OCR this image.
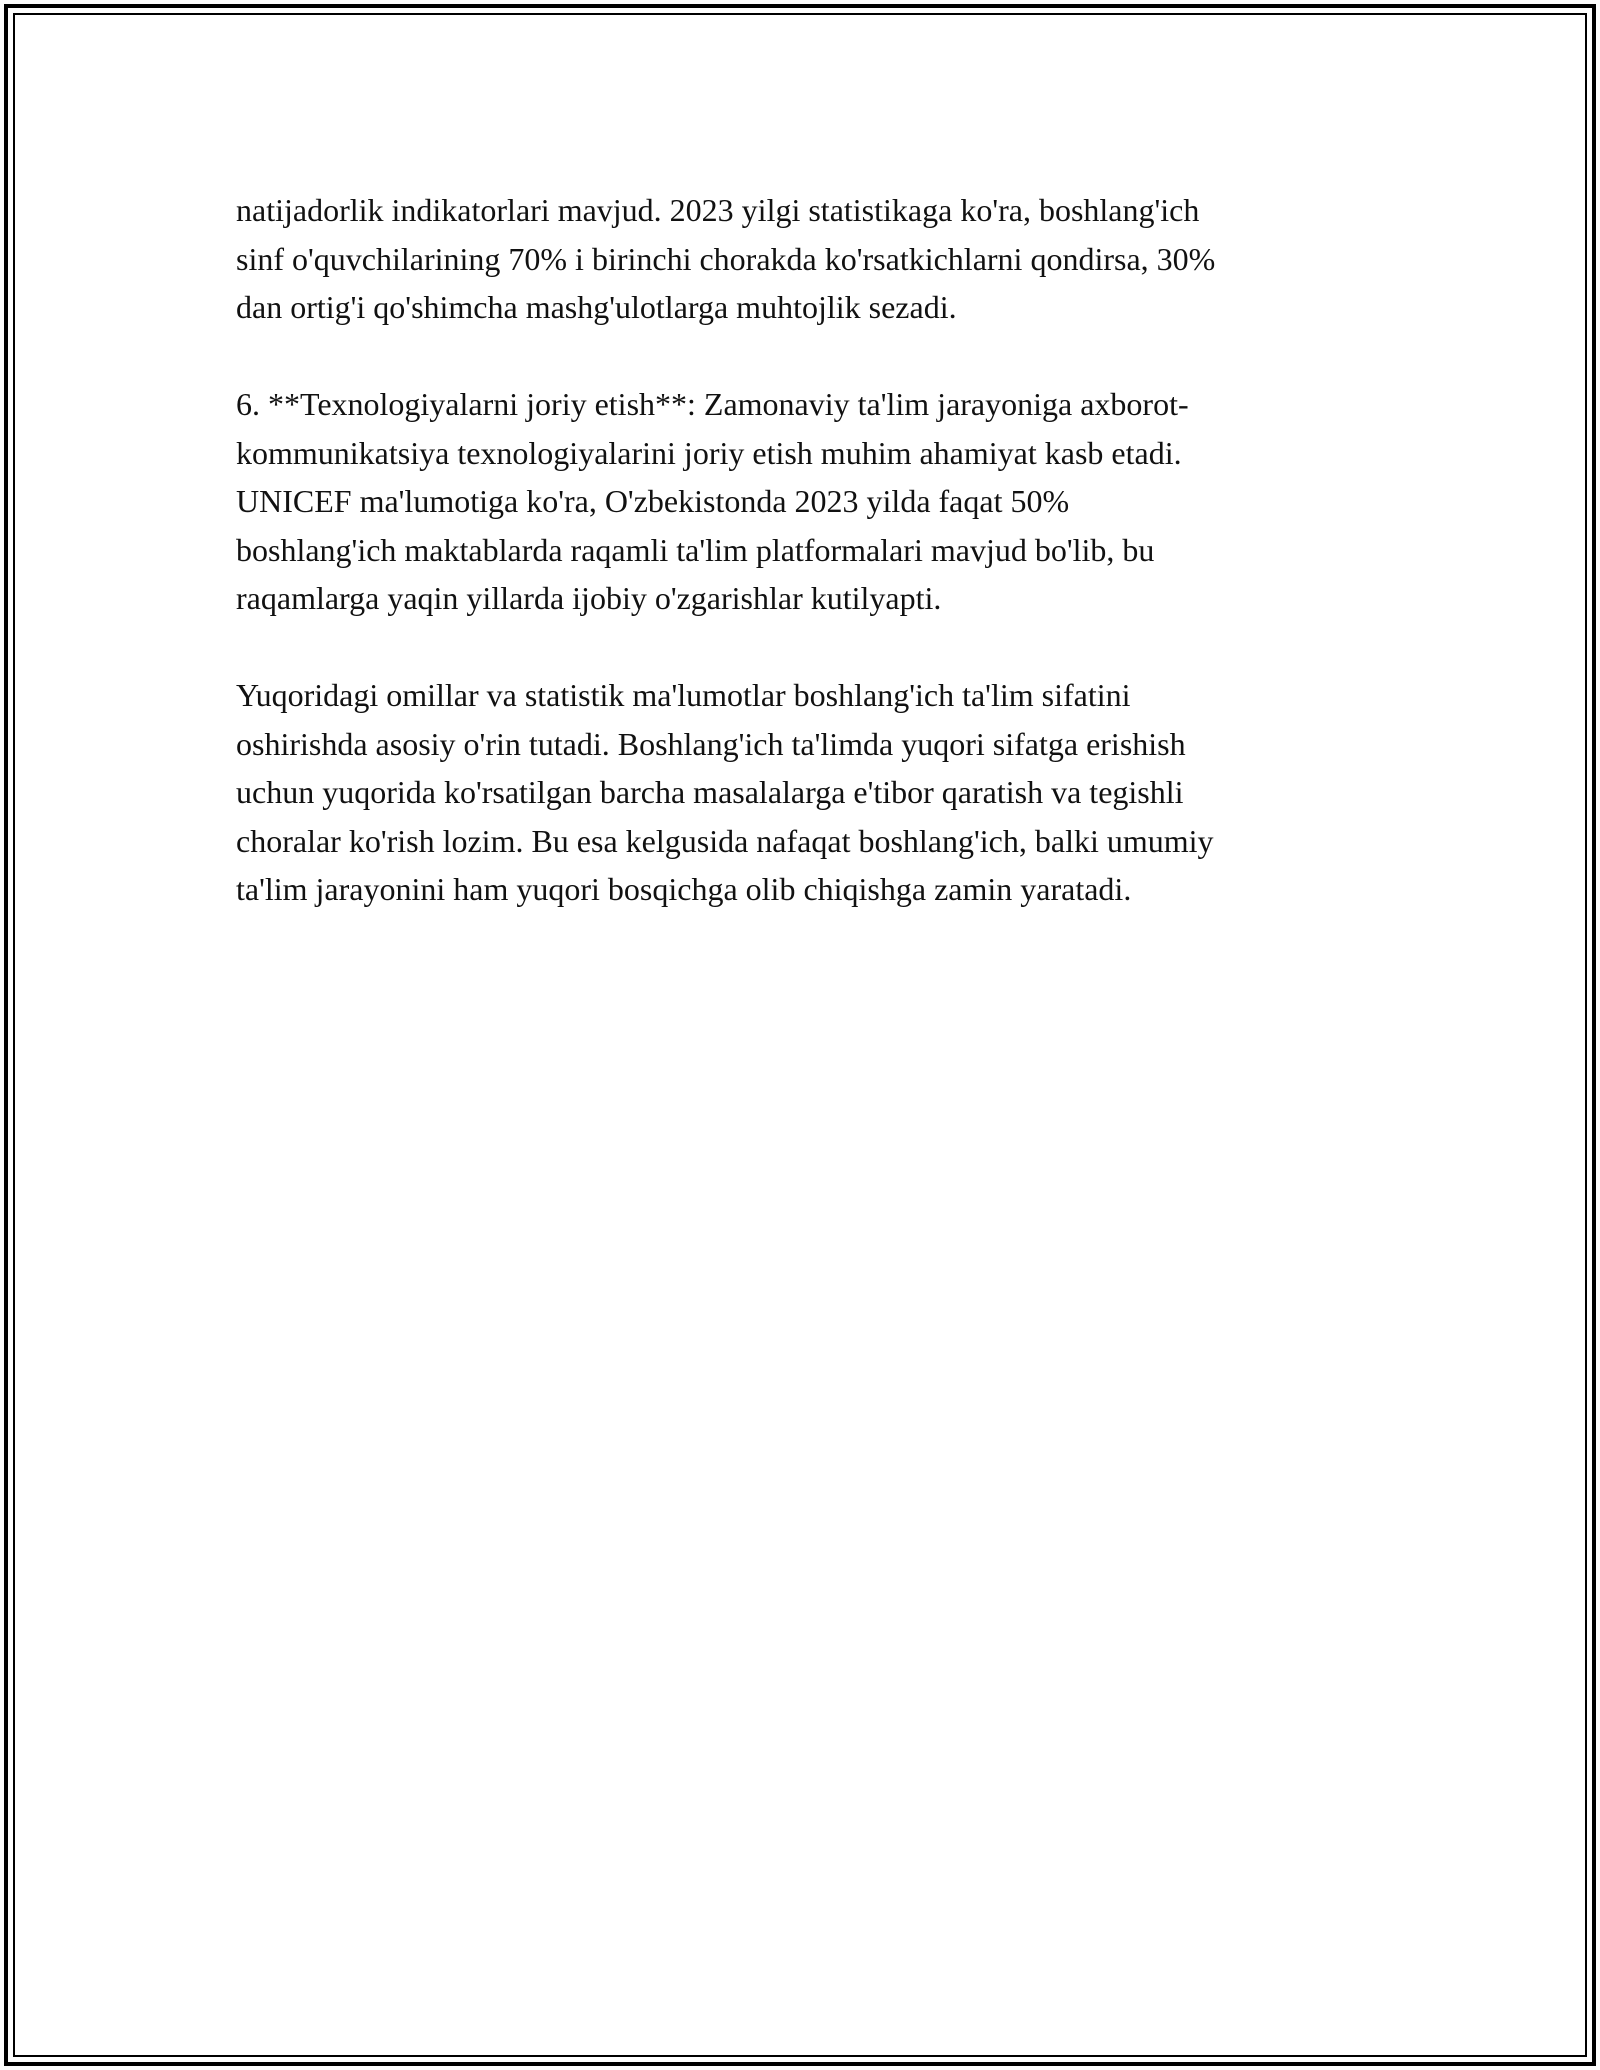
natijadorlik indikatorlari mavjud. 2023 yilgi statistikaga ko'ra, boshlang'ich
sinf o'quvchilarining 70% i birinchi chorakda ko'rsatkichlarni qondirsa, 30%
dan ortig'i qo'shimcha mashg'ulotlarga muhtojlik sezadi.

6. **Texnologiyalarni joriy etish**: Zamonaviy ta'lim jarayoniga axborot-
kommunikatsiya texnologiyalarini joriy etish muhim ahamiyat kasb etadi.
UNICEF ma'lumotiga ko'ra, O'zbekistonda 2023 yilda faqat 50%
boshlang'ich maktablarda raqamli ta'lim platformalari mavjud bo'lib, bu
raqamlarga yaqin yillarda ijobiy o'zgarishlar kutilyapti.

Yuqoridagi omillar va statistik ma'lumotlar boshlang'ich ta'lim sifatini
oshirishda asosiy o'rin tutadi. Boshlang'ich ta'limda yuqori sifatga erishish
uchun yuqorida ko'rsatilgan barcha masalalarga e'tibor qaratish va tegishli
choralar ko'rish lozim. Bu esa kelgusida nafaqat boshlang'ich, balki umumiy
ta'lim jarayonini ham yuqori bosqichga olib chiqishga zamin yaratadi.
